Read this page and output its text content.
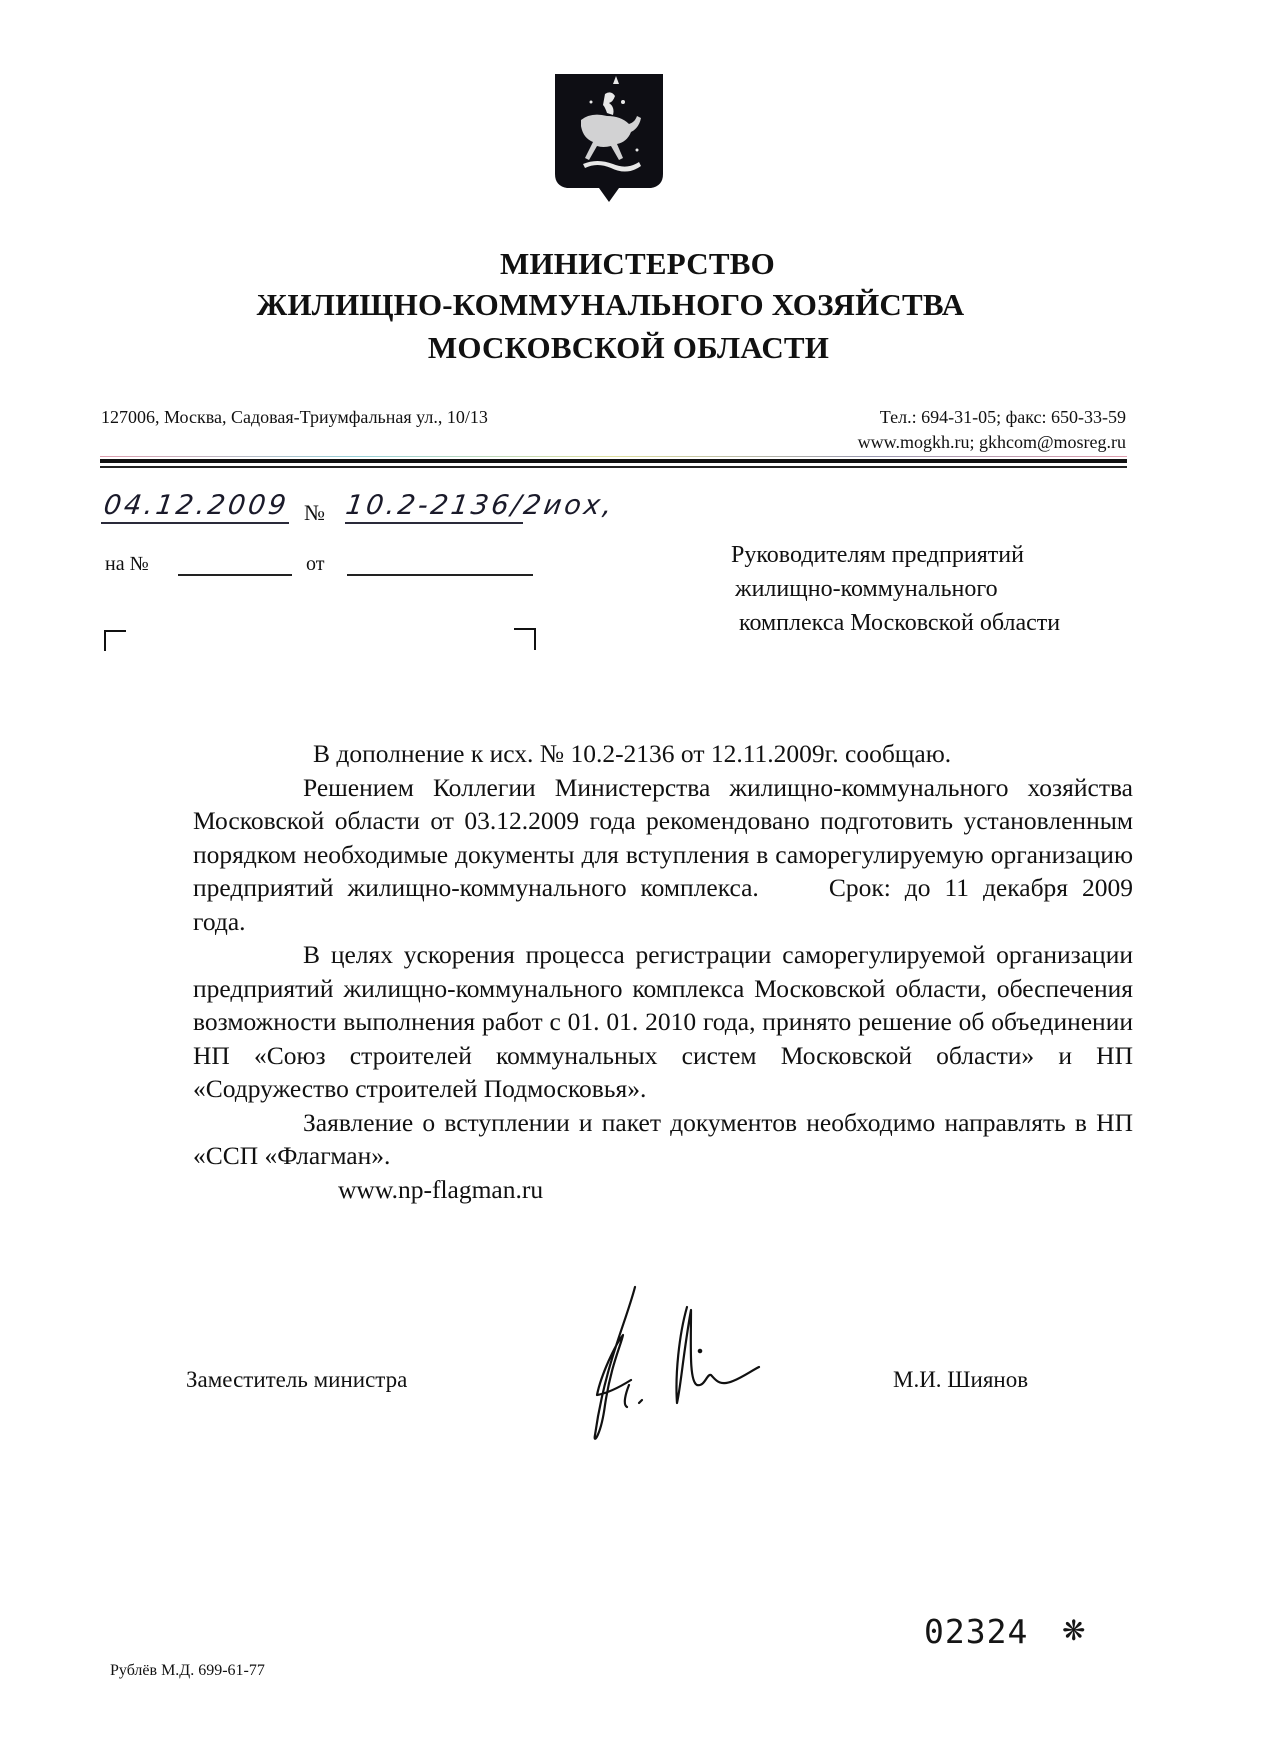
МИНИСТЕРСТВО
ЖИЛИЩНО-КОММУНАЛЬНОГО ХОЗЯЙСТВА
МОСКОВСКОЙ ОБЛАСТИ
127006, Москва, Садовая-Триумфальная ул., 10/13	Тел.: 694-31-05; факс: 650-33-59
www.mogkh.ru; gkhcom@mosreg.ru
04.12.2009 № 10.2-2136/2иох,
на №	от	Руководителям предприятий
жилищно-коммунального
комплекса Московской области

В дополнение к исх. № 10.2-2136 от 12.11.2009г. сообщаю.

Решением Коллегии Министерства жилищно-коммунального хозяйства Московской области от 03.12.2009 года рекомендовано подготовить установленным порядком необходимые документы для вступления в саморегулируемую организацию предприятий жилищно-коммунального комплекса.	Срок: до 11 декабря 2009 года.

В целях ускорения процесса регистрации саморегулируемой организации предприятий жилищно-коммунального комплекса Московской области, обеспечения возможности выполнения работ с 01. 01. 2010 года, принято решение об объединении НП «Союз строителей коммунальных систем Московской области» и НП «Содружество строителей Подмосковья».

Заявление о вступлении и пакет документов необходимо направлять в НП «ССП «Флагман».

www.np-flagman.ru

Заместитель министра	М.И. Шиянов
02324 ❋
Рублёв М.Д. 699-61-77
